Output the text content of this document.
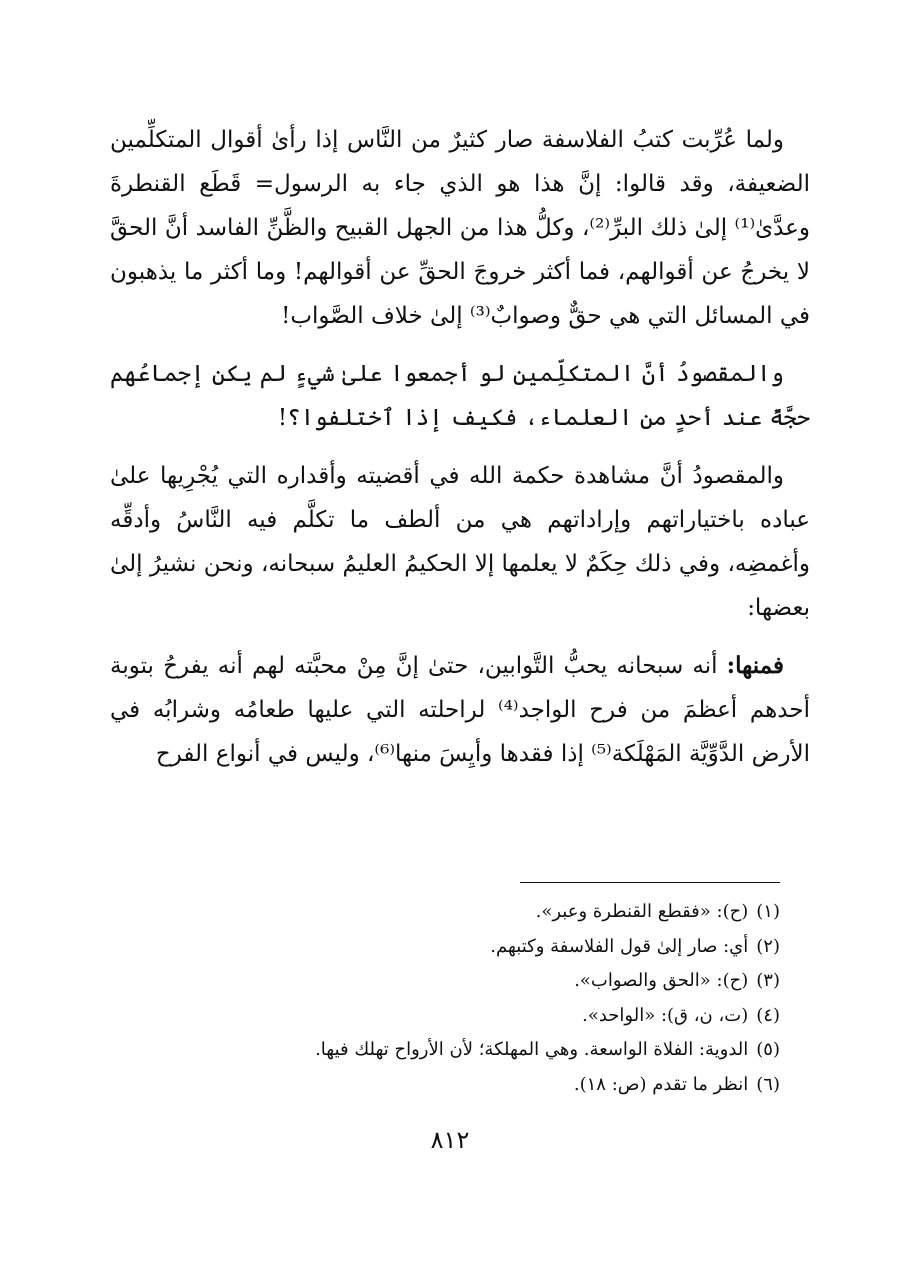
ولما عُرِّبت كتبُ الفلاسفة صار كثيرٌ من النَّاس إذا رأىٰ أقوال المتكلِّمين الضعيفة، وقد قالوا: إنَّ هذا هو الذي جاء به الرسول= قَطَع القنطرةَ وعدَّىٰ⁽¹⁾ إلىٰ ذلك البرِّ⁽²⁾، وكلُّ هذا من الجهل القبيح والظَّنِّ الفاسد أنَّ الحقَّ لا يخرجُ عن أقوالهم، فما أكثر خروجَ الحقِّ عن أقوالهم! وما أكثر ما يذهبون في المسائل التي هي حقٌّ وصوابٌ⁽³⁾ إلىٰ خلاف الصَّواب!

والمقصودُ أنَّ المتكلِّمين لو أجمعوا علىٰ شيءٍ لم يكن إجماعُهم حجَّةً عند أحدٍ من العلماء، فكيف إذا ٱختلفوا؟!

والمقصودُ أنَّ مشاهدة حكمة الله في أقضيته وأقداره التي يُجْرِيها علىٰ عباده باختياراتهم وإراداتهم هي من ألطف ما تكلَّم فيه النَّاسُ وأدقِّه وأغمضِه، وفي ذلك حِكَمٌ لا يعلمها إلا الحكيمُ العليمُ سبحانه، ونحن نشيرُ إلىٰ بعضها:

فمنها: أنه سبحانه يحبُّ التَّوابين، حتىٰ إنَّ مِنْ محبَّته لهم أنه يفرحُ بتوبة أحدهم أعظمَ من فرح الواجد⁽⁴⁾ لراحلته التي عليها طعامُه وشرابُه في الأرض الدَّوِّيَّة المَهْلَكة⁽⁵⁾ إذا فقدها وأيِسَ منها⁽⁶⁾، وليس في أنواع الفرح

(١)(ح): «فقطع القنطرة وعبر».
(٢)أي: صار إلىٰ قول الفلاسفة وكتبهم.
(٣)(ح): «الحق والصواب».
(٤)(ت، ن، ق): «الواحد».
(٥)الدوية: الفلاة الواسعة. وهي المهلكة؛ لأن الأرواح تهلك فيها.
(٦)انظر ما تقدم (ص: ١٨).
٨١٢
